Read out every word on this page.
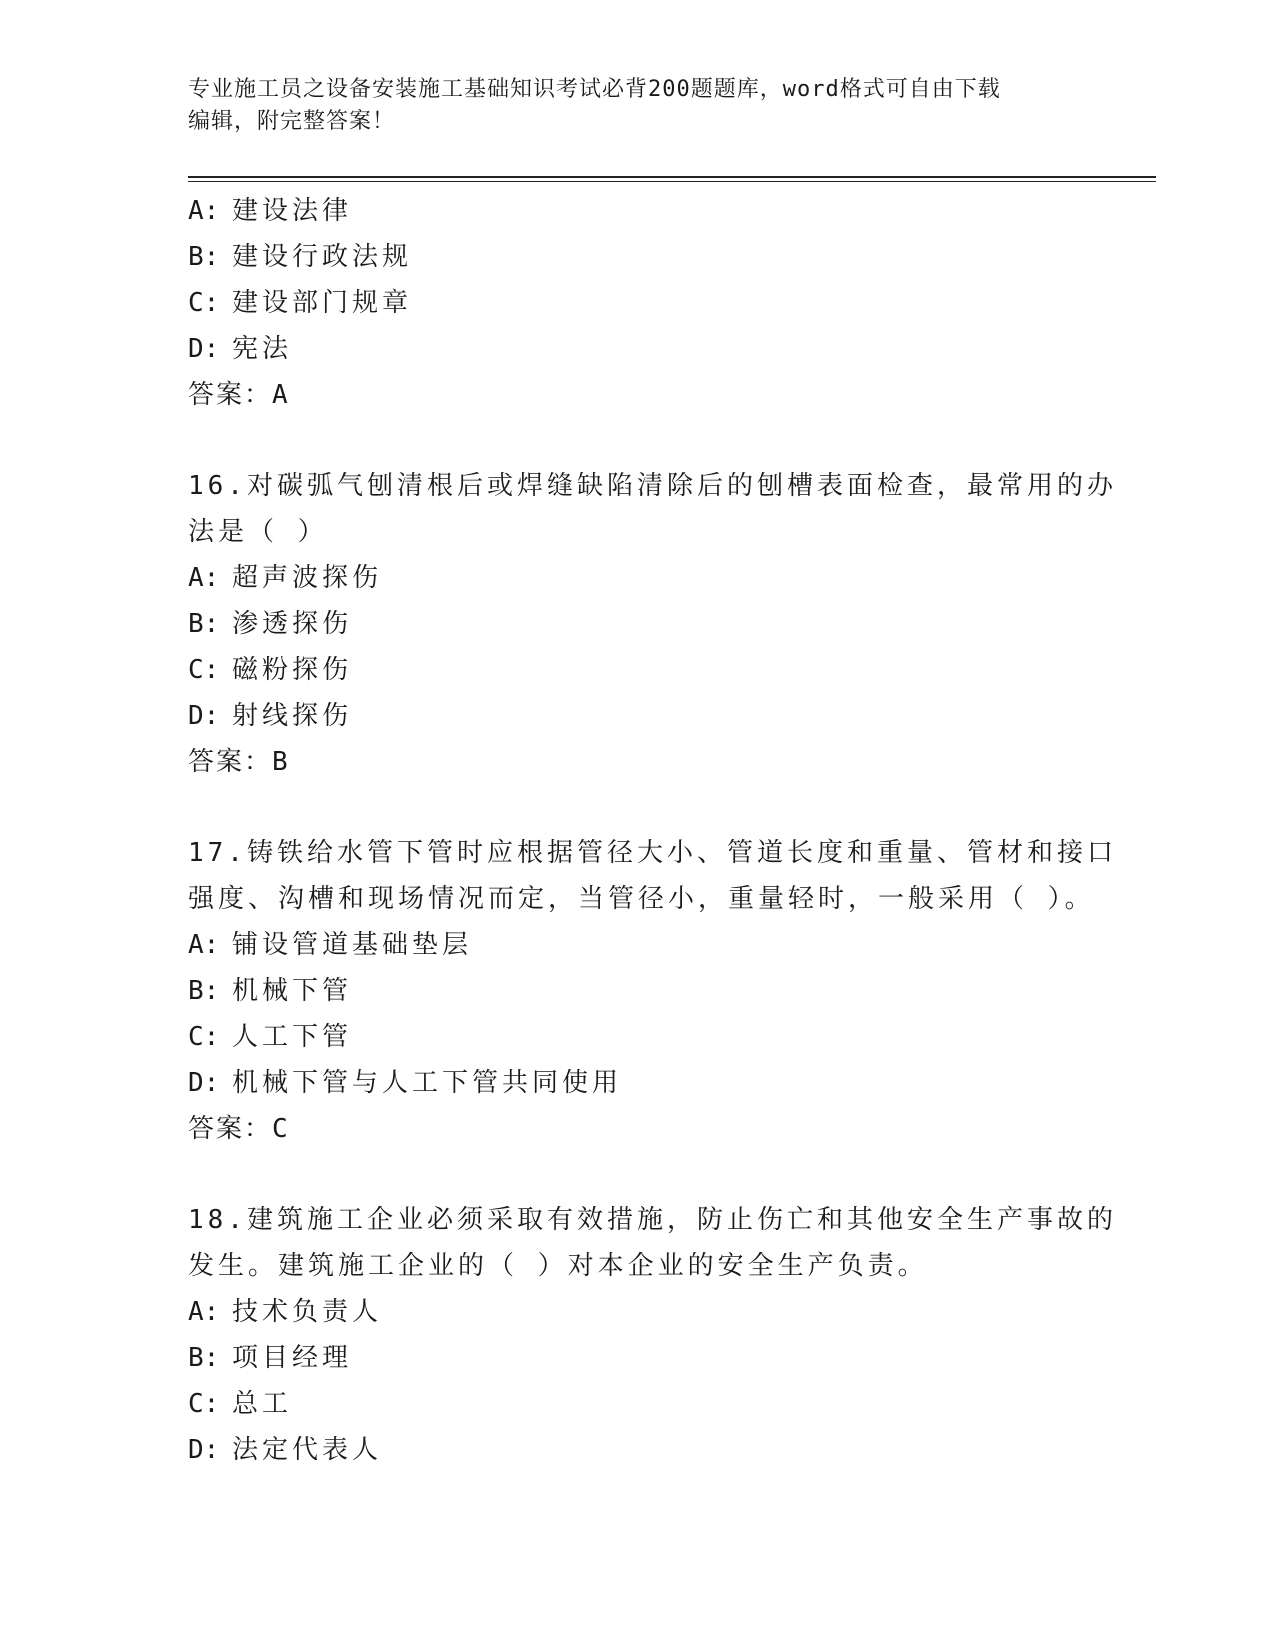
专业施工员之设备安装施工基础知识考试必背200题题库，word格式可自由下载
编辑，附完整答案！
A: 建设法律
B: 建设行政法规
C: 建设部门规章
D: 宪法
答案：A
16.对碳弧气刨清根后或焊缝缺陷清除后的刨槽表面检查，最常用的办
法是（ ）
A: 超声波探伤
B: 渗透探伤
C: 磁粉探伤
D: 射线探伤
答案：B
17.铸铁给水管下管时应根据管径大小、管道长度和重量、管材和接口
强度、沟槽和现场情况而定，当管径小，重量轻时，一般采用（ ）。
A: 铺设管道基础垫层
B: 机械下管
C: 人工下管
D: 机械下管与人工下管共同使用
答案：C
18.建筑施工企业必须采取有效措施，防止伤亡和其他安全生产事故的
发生。建筑施工企业的（ ）对本企业的安全生产负责。
A: 技术负责人
B: 项目经理
C: 总工
D: 法定代表人
